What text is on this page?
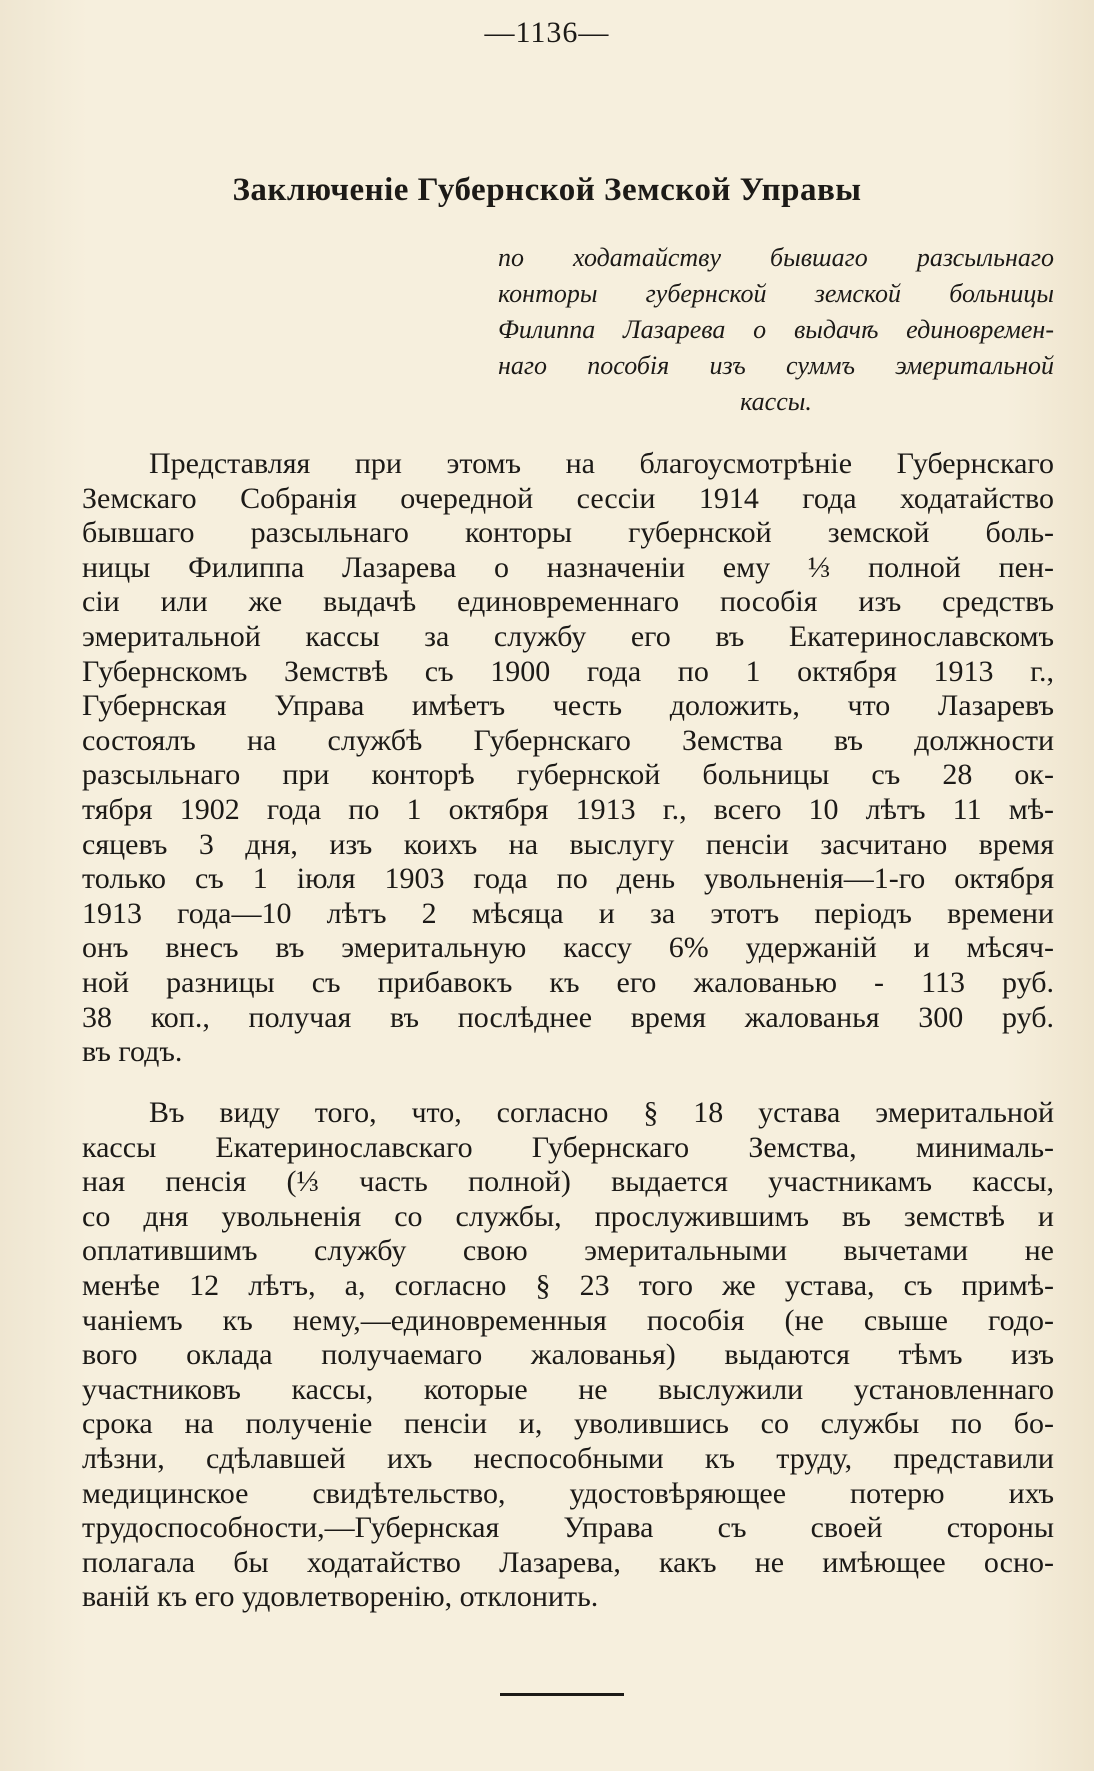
—1136—
Заключеніе Губернской Земской Управы
по ходатайству бывшаго разсыльнаго
конторы губернской земской больницы
Филиппа Лазарева о выдачѣ единовремен-
наго пособія изъ суммъ эмеритальной
кассы.
Представляя при этомъ на благоусмотрѣніе Губернскаго
Земскаго Собранія очередной сессіи 1914 года ходатайство
бывшаго разсыльнаго конторы губернской земской боль-
ницы Филиппа Лазарева о назначеніи ему ⅓ полной пен-
сіи или же выдачѣ единовременнаго пособія изъ средствъ
эмеритальной кассы за службу его въ Екатеринославскомъ
Губернскомъ Земствѣ съ 1900 года по 1 октября 1913 г.,
Губернская Управа имѣетъ честь доложить, что Лазаревъ
состоялъ на службѣ Губернскаго Земства въ должности
разсыльнаго при конторѣ губернской больницы съ 28 ок-
тября 1902 года по 1 октября 1913 г., всего 10 лѣтъ 11 мѣ-
сяцевъ 3 дня, изъ коихъ на выслугу пенсіи засчитано время
только съ 1 іюля 1903 года по день увольненія—1-го октября
1913 года—10 лѣтъ 2 мѣсяца и за этотъ періодъ времени
онъ внесъ въ эмеритальную кассу 6% удержаній и мѣсяч-
ной разницы съ прибавокъ къ его жалованью - 113 руб.
38 коп., получая въ послѣднее время жалованья 300 руб.
въ годъ.
Въ виду того, что, согласно § 18 устава эмеритальной
кассы Екатеринославскаго Губернскаго Земства, минималь-
ная пенсія (⅓ часть полной) выдается участникамъ кассы,
со дня увольненія со службы, прослужившимъ въ земствѣ и
оплатившимъ службу свою эмеритальными вычетами не
менѣе 12 лѣтъ, а, согласно § 23 того же устава, съ примѣ-
чаніемъ къ нему,—единовременныя пособія (не свыше годо-
вого оклада получаемаго жалованья) выдаются тѣмъ изъ
участниковъ кассы, которые не выслужили установленнаго
срока на полученіе пенсіи и, уволившись со службы по бо-
лѣзни, сдѣлавшей ихъ неспособными къ труду, представили
медицинское свидѣтельство, удостовѣряющее потерю ихъ
трудоспособности,—Губернская Управа съ своей стороны
полагала бы ходатайство Лазарева, какъ не имѣющее осно-
ваній къ его удовлетворенію, отклонить.
